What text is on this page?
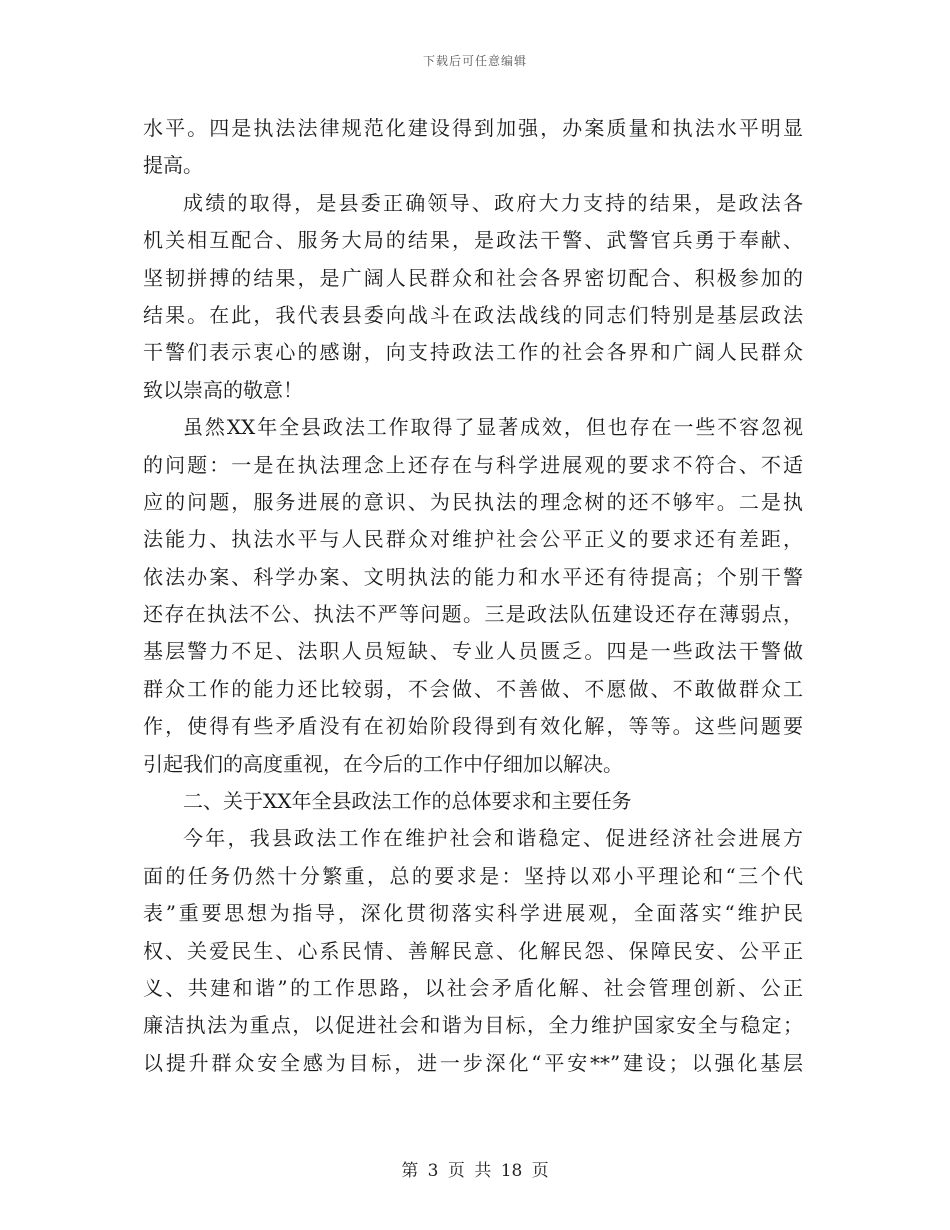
下载后可任意编辑
水平。四是执法法律规范化建设得到加强，办案质量和执法水平明显
提高。
成绩的取得，是县委正确领导、政府大力支持的结果，是政法各
机关相互配合、服务大局的结果，是政法干警、武警官兵勇于奉献、
坚韧拼搏的结果，是广阔人民群众和社会各界密切配合、积极参加的
结果。在此，我代表县委向战斗在政法战线的同志们特别是基层政法
干警们表示衷心的感谢，向支持政法工作的社会各界和广阔人民群众
致以崇高的敬意！
虽然XX年全县政法工作取得了显著成效，但也存在一些不容忽视
的问题：一是在执法理念上还存在与科学进展观的要求不符合、不适
应的问题，服务进展的意识、为民执法的理念树的还不够牢。二是执
法能力、执法水平与人民群众对维护社会公平正义的要求还有差距，
依法办案、科学办案、文明执法的能力和水平还有待提高；个别干警
还存在执法不公、执法不严等问题。三是政法队伍建设还存在薄弱点，
基层警力不足、法职人员短缺、专业人员匮乏。四是一些政法干警做
群众工作的能力还比较弱，不会做、不善做、不愿做、不敢做群众工
作，使得有些矛盾没有在初始阶段得到有效化解，等等。这些问题要
引起我们的高度重视，在今后的工作中仔细加以解决。
二、关于XX年全县政法工作的总体要求和主要任务
今年，我县政法工作在维护社会和谐稳定、促进经济社会进展方
面的任务仍然十分繁重，总的要求是：坚持以邓小平理论和“三个代
表”重要思想为指导，深化贯彻落实科学进展观，全面落实“维护民
权、关爱民生、心系民情、善解民意、化解民怨、保障民安、公平正
义、共建和谐”的工作思路，以社会矛盾化解、社会管理创新、公正
廉洁执法为重点，以促进社会和谐为目标，全力维护国家安全与稳定；
以提升群众安全感为目标，进一步深化“平安**”建设；以强化基层
第 3 页 共 18 页
